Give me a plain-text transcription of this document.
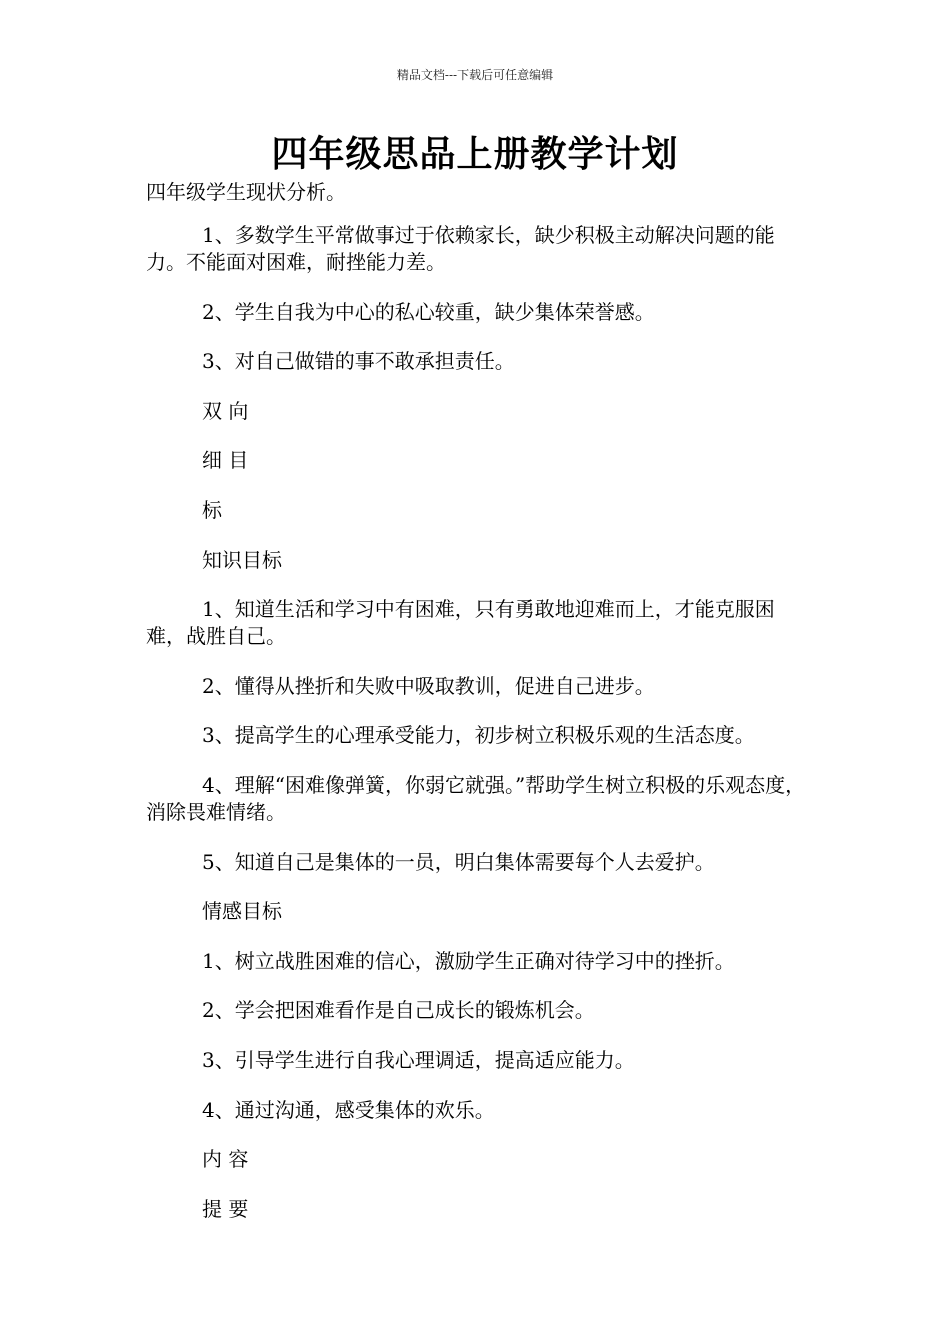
精品文档---下载后可任意编辑
四年级思品上册教学计划

四年级学生现状分析。

1、多数学生平常做事过于依赖家长，缺少积极主动解决问题的能力。不能面对困难，耐挫能力差。

2、学生自我为中心的私心较重，缺少集体荣誉感。

3、对自己做错的事不敢承担责任。

双 向

细 目

标

知识目标

1、知道生活和学习中有困难，只有勇敢地迎难而上，才能克服困难，战胜自己。

2、懂得从挫折和失败中吸取教训，促进自己进步。

3、提高学生的心理承受能力，初步树立积极乐观的生活态度。

4、理解“困难像弹簧，你弱它就强。”帮助学生树立积极的乐观态度，消除畏难情绪。

5、知道自己是集体的一员，明白集体需要每个人去爱护。

情感目标

1、树立战胜困难的信心，激励学生正确对待学习中的挫折。

2、学会把困难看作是自己成长的锻炼机会。

3、引导学生进行自我心理调适，提高适应能力。

4、通过沟通，感受集体的欢乐。

内 容

提 要
